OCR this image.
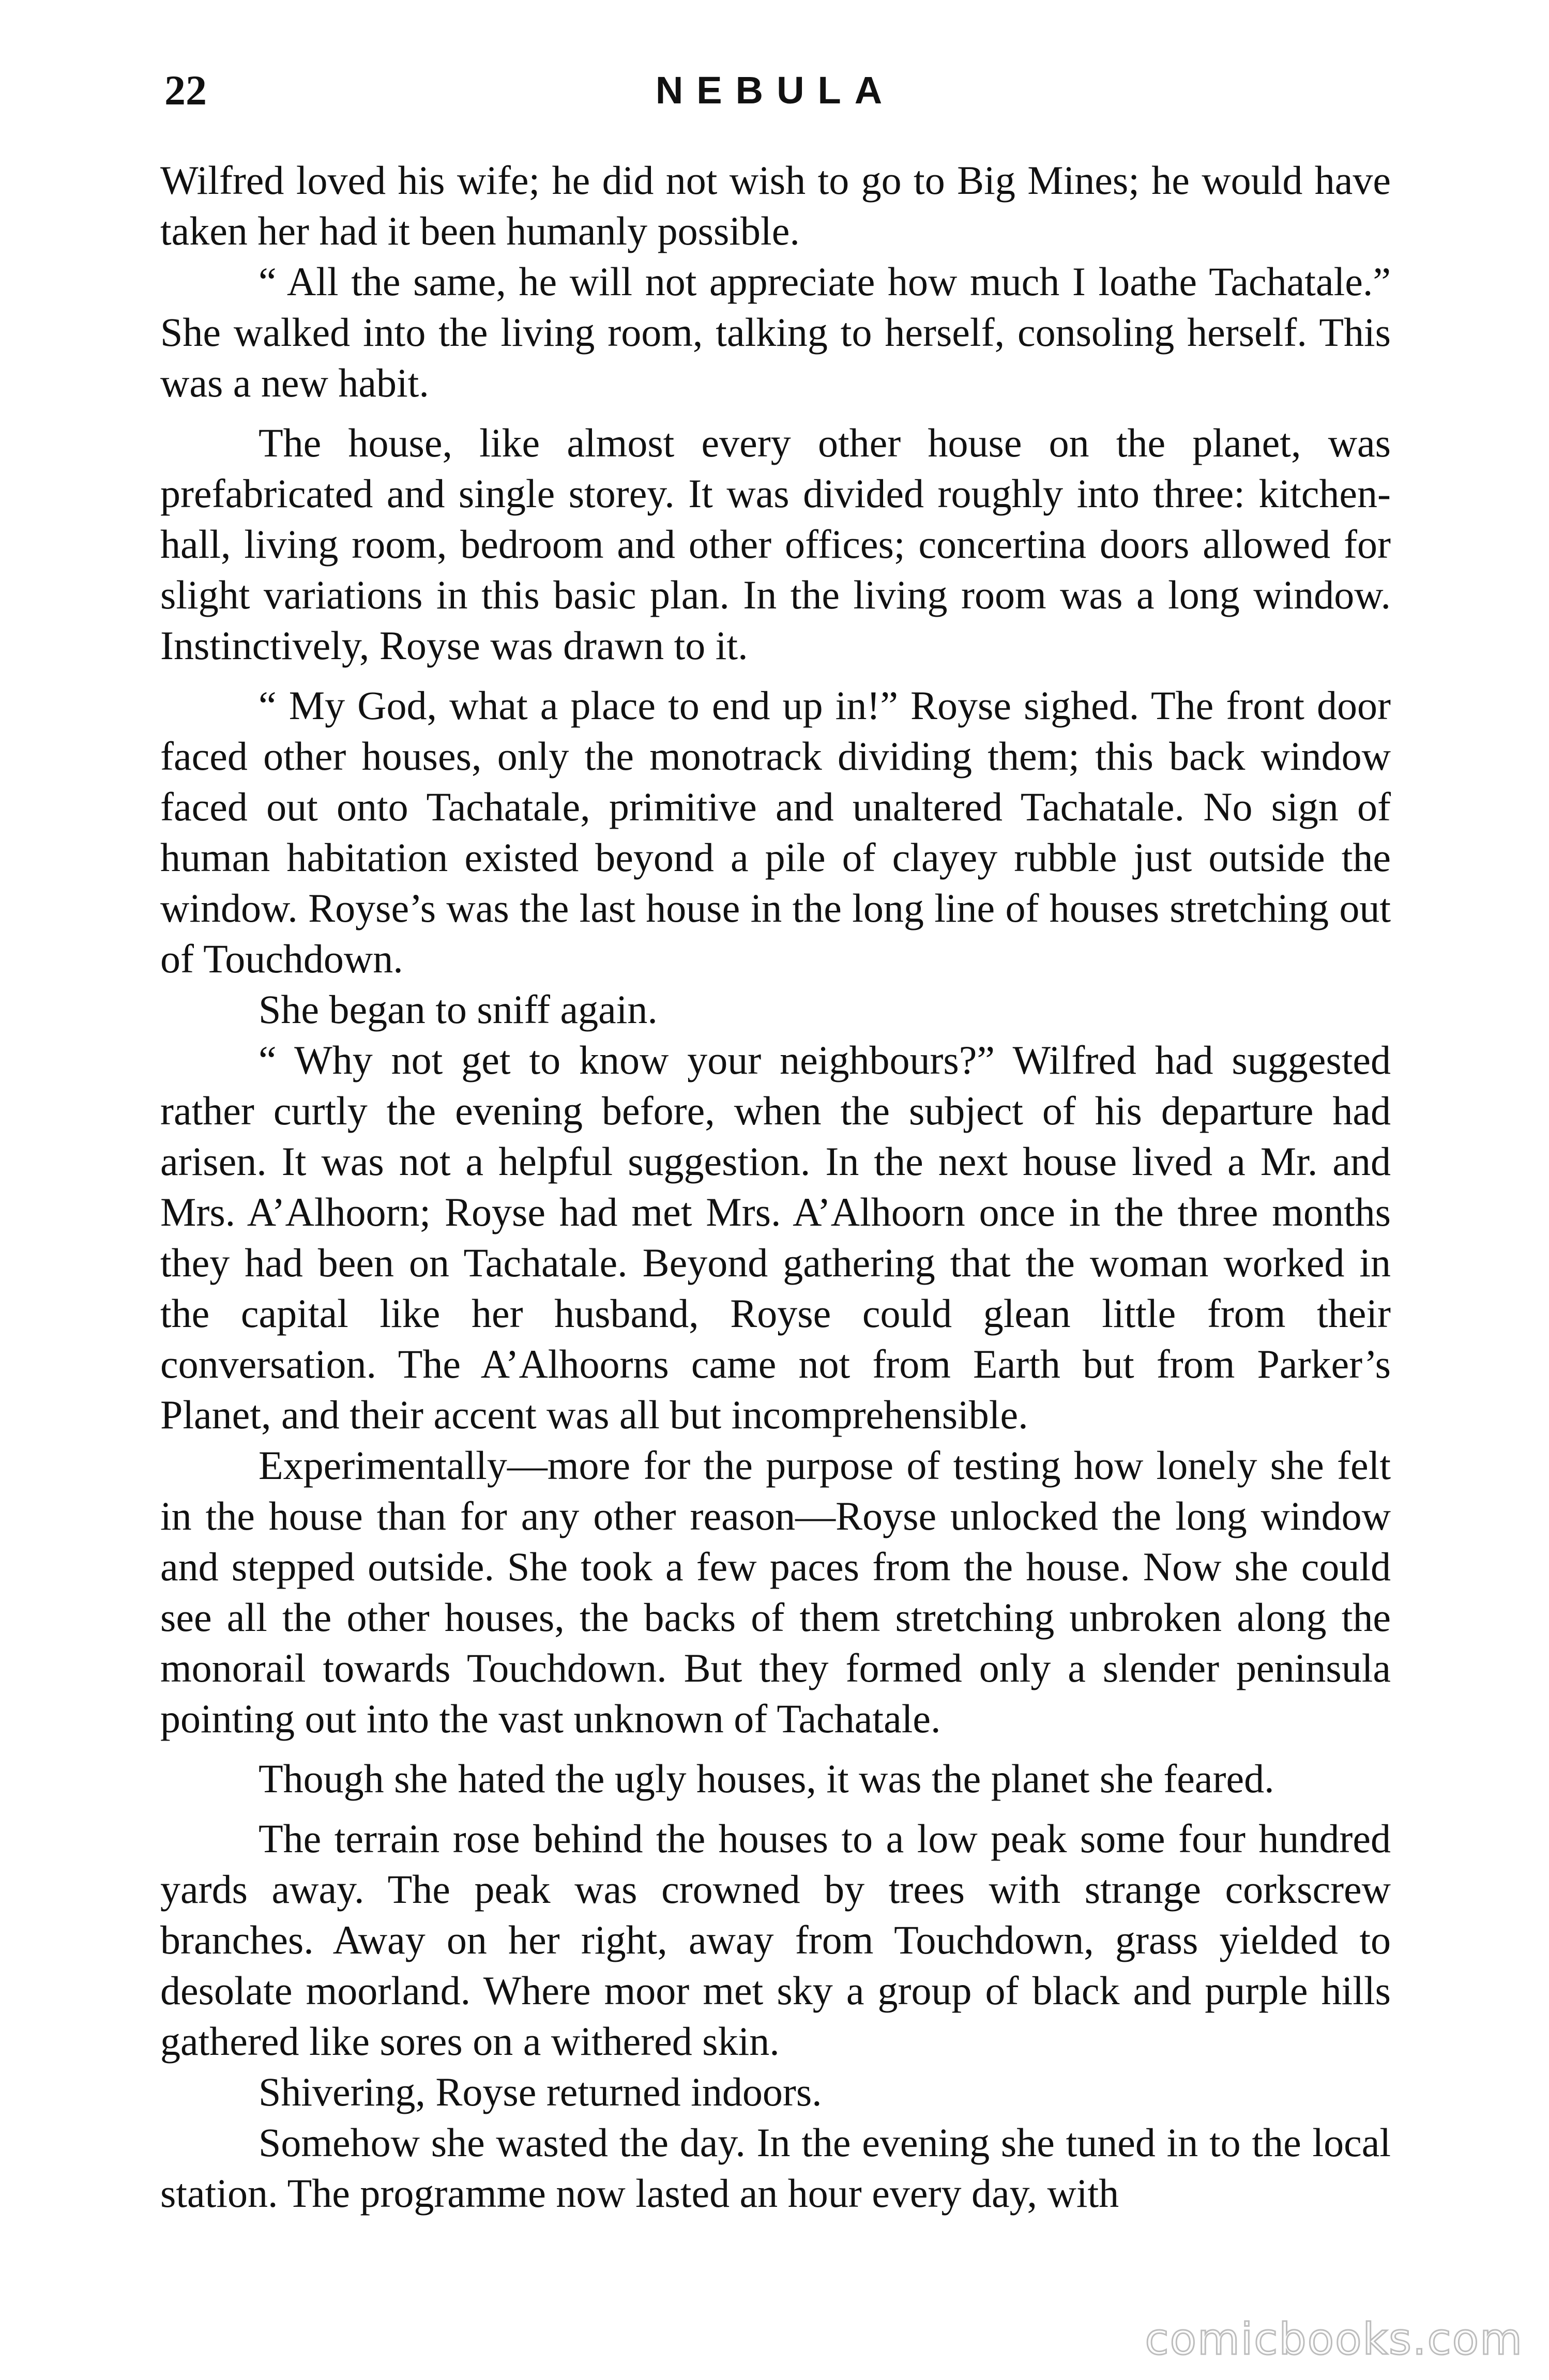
22	NEBULA

Wilfred loved his wife; he did not wish to go to Big Mines; he would have taken her had it been humanly possible.

“ All the same, he will not appreciate how much I loathe Tachatale.” She walked into the living room, talking to herself, consoling herself. This was a new habit.

The house, like almost every other house on the planet, was prefabricated and single storey. It was divided roughly into three: kitchen-hall, living room, bedroom and other offices; concertina doors allowed for slight variations in this basic plan. In the living room was a long window. Instinctively, Royse was drawn to it.

“ My God, what a place to end up in!” Royse sighed. The front door faced other houses, only the monotrack dividing them; this back window faced out onto Tachatale, primitive and unaltered Tachatale. No sign of human habitation existed beyond a pile of clayey rubble just outside the window. Royse’s was the last house in the long line of houses stretching out of Touchdown.

She began to sniff again.

“ Why not get to know your neighbours?” Wilfred had suggested rather curtly the evening before, when the subject of his departure had arisen. It was not a helpful suggestion. In the next house lived a Mr. and Mrs. A’Alhoorn; Royse had met Mrs. A’Alhoorn once in the three months they had been on Tachatale. Beyond gathering that the woman worked in the capital like her husband, Royse could glean little from their conversation. The A’Alhoorns came not from Earth but from Parker’s Planet, and their accent was all but incomprehensible.

Experimentally—more for the purpose of testing how lonely she felt in the house than for any other reason—Royse unlocked the long window and stepped outside. She took a few paces from the house. Now she could see all the other houses, the backs of them stretching unbroken along the monorail towards Touchdown. But they formed only a slender peninsula pointing out into the vast unknown of Tachatale.

Though she hated the ugly houses, it was the planet she feared.

The terrain rose behind the houses to a low peak some four hundred yards away. The peak was crowned by trees with strange corkscrew branches. Away on her right, away from Touchdown, grass yielded to desolate moorland. Where moor met sky a group of black and purple hills gathered like sores on a withered skin.

Shivering, Royse returned indoors.

Somehow she wasted the day. In the evening she tuned in to the local station. The programme now lasted an hour every day, with

comicbooks.com
